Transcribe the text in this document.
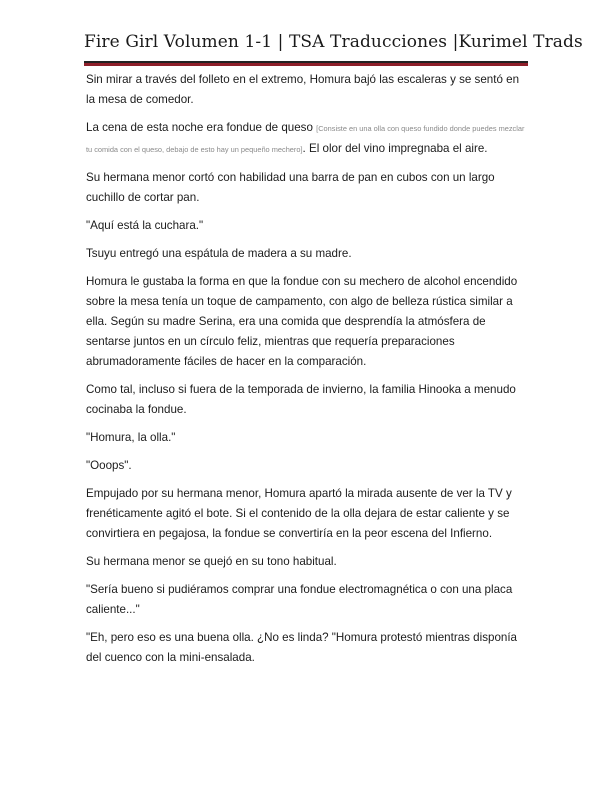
Fire Girl Volumen 1-1 | TSA Traducciones |Kurimel Trads

Sin mirar a través del folleto en el extremo, Homura bajó las escaleras y se sentó en la mesa de comedor.

La cena de esta noche era fondue de queso [Consiste en una olla con queso fundido donde puedes mezclar tu comida con el queso, debajo de esto hay un pequeño mechero]. El olor del vino impregnaba el aire.

Su hermana menor cortó con habilidad una barra de pan en cubos con un largo cuchillo de cortar pan.

"Aquí está la cuchara."

Tsuyu entregó una espátula de madera a su madre.

Homura le gustaba la forma en que la fondue con su mechero de alcohol encendido sobre la mesa tenía un toque de campamento, con algo de belleza rústica similar a ella. Según su madre Serina, era una comida que desprendía la atmósfera de sentarse juntos en un círculo feliz, mientras que requería preparaciones abrumadoramente fáciles de hacer en la comparación.

Como tal, incluso si fuera de la temporada de invierno, la familia Hinooka a menudo cocinaba la fondue.

"Homura, la olla."

"Ooops".

Empujado por su hermana menor, Homura apartó la mirada ausente de ver la TV y frenéticamente agitó el bote. Si el contenido de la olla dejara de estar caliente y se convirtiera en pegajosa, la fondue se convertiría en la peor escena del Infierno.

Su hermana menor se quejó en su tono habitual.

"Sería bueno si pudiéramos comprar una fondue electromagnética o con una placa caliente..."

"Eh, pero eso es una buena olla. ¿No es linda? "Homura protestó mientras disponía del cuenco con la mini-ensalada.
